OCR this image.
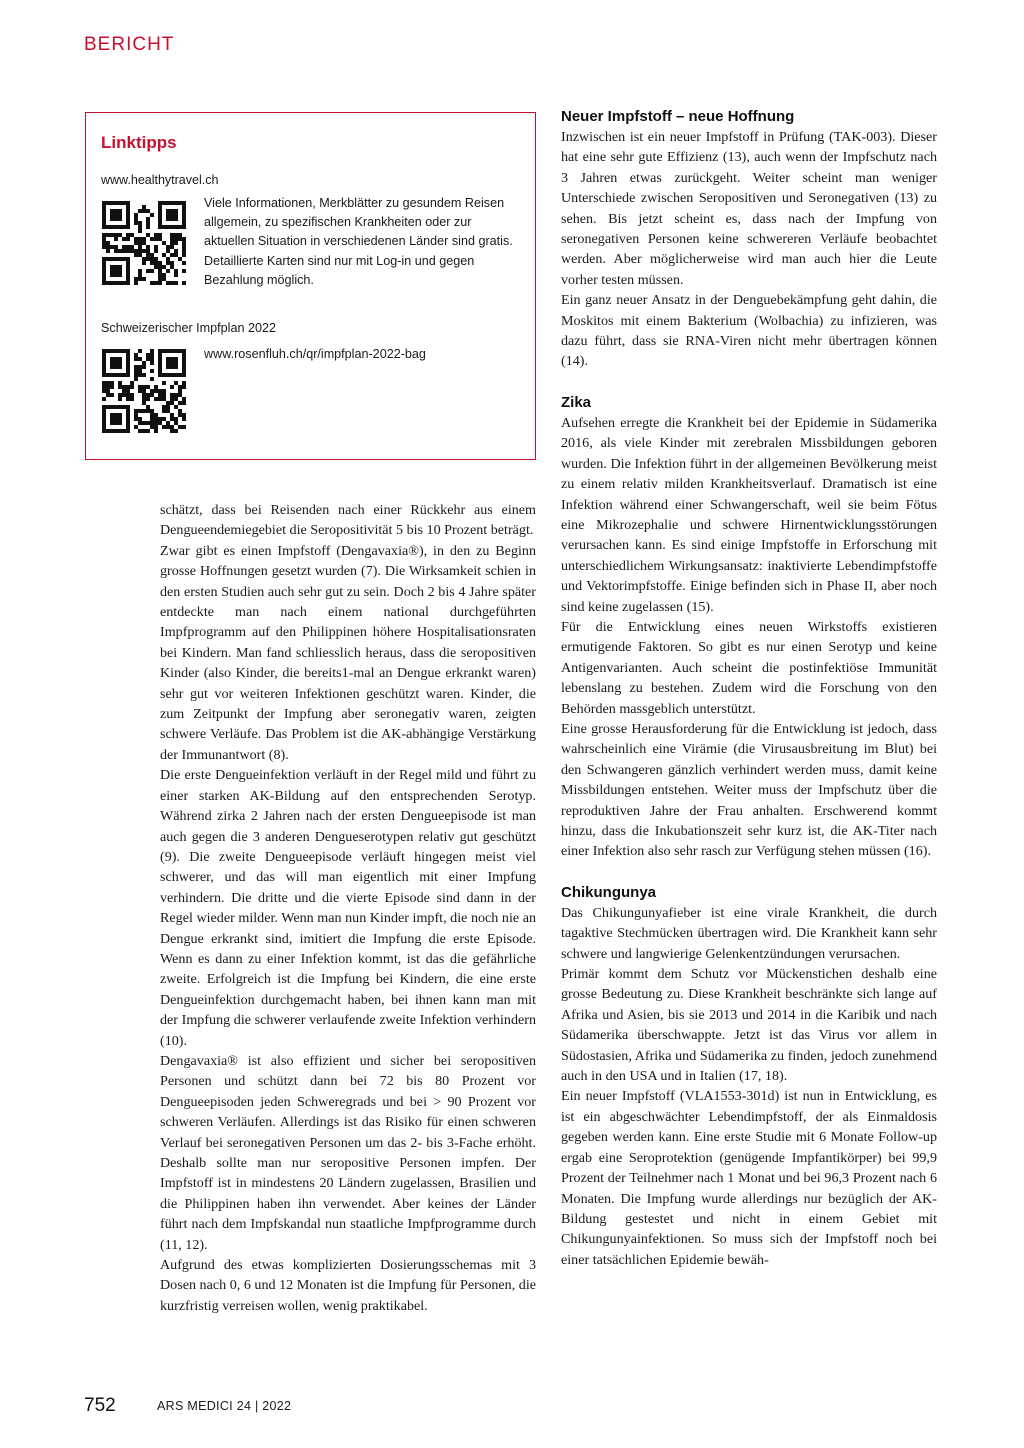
BERICHT
Linktipps
www.healthytravel.ch
Viele Informationen, Merkblätter zu gesundem Reisen allgemein, zu spezifischen Krankheiten oder zur aktuellen Situation in verschiedenen Länder sind gratis. Detaillierte Karten sind nur mit Log-in und gegen Bezahlung möglich.
Schweizerischer Impfplan 2022
www.rosenfluh.ch/qr/impfplan-2022-bag

schätzt, dass bei Reisenden nach einer Rückkehr aus einem Dengueendemiegebiet die Seropositivität 5 bis 10 Prozent beträgt.

Zwar gibt es einen Impfstoff (Dengavaxia®), in den zu Beginn grosse Hoffnungen gesetzt wurden (7). Die Wirksamkeit schien in den ersten Studien auch sehr gut zu sein. Doch 2 bis 4 Jahre später entdeckte man nach einem national durchgeführten Impfprogramm auf den Philippinen höhere Hospitalisationsraten bei Kindern. Man fand schliesslich heraus, dass die seropositiven Kinder (also Kinder, die bereits1-mal an Dengue erkrankt waren) sehr gut vor weiteren Infektionen geschützt waren. Kinder, die zum Zeitpunkt der Impfung aber seronegativ waren, zeigten schwere Verläufe. Das Problem ist die AK-abhängige Verstärkung der Immunantwort (8).

Die erste Dengueinfektion verläuft in der Regel mild und führt zu einer starken AK-Bildung auf den entsprechenden Serotyp. Während zirka 2 Jahren nach der ersten Dengueepisode ist man auch gegen die 3 anderen Dengueserotypen relativ gut geschützt (9). Die zweite Dengueepisode verläuft hingegen meist viel schwerer, und das will man eigentlich mit einer Impfung verhindern. Die dritte und die vierte Episode sind dann in der Regel wieder milder. Wenn man nun Kinder impft, die noch nie an Dengue erkrankt sind, imitiert die Impfung die erste Episode. Wenn es dann zu einer Infektion kommt, ist das die gefährliche zweite. Erfolgreich ist die Impfung bei Kindern, die eine erste Dengueinfektion durchgemacht haben, bei ihnen kann man mit der Impfung die schwerer verlaufende zweite Infektion verhindern (10).

Dengavaxia® ist also effizient und sicher bei seropositiven Personen und schützt dann bei 72 bis 80 Prozent vor Dengueepisoden jeden Schweregrads und bei > 90 Prozent vor schweren Verläufen. Allerdings ist das Risiko für einen schweren Verlauf bei seronegativen Personen um das 2- bis 3-Fache erhöht. Deshalb sollte man nur seropositive Personen impfen. Der Impfstoff ist in mindestens 20 Ländern zugelassen, Brasilien und die Philippinen haben ihn verwendet. Aber keines der Länder führt nach dem Impfskandal nun staatliche Impfprogramme durch (11, 12).

Aufgrund des etwas komplizierten Dosierungsschemas mit 3 Dosen nach 0, 6 und 12 Monaten ist die Impfung für Personen, die kurzfristig verreisen wollen, wenig praktikabel.

Neuer Impfstoff – neue Hoffnung

Inzwischen ist ein neuer Impfstoff in Prüfung (TAK-003). Dieser hat eine sehr gute Effizienz (13), auch wenn der Impfschutz nach 3 Jahren etwas zurückgeht. Weiter scheint man weniger Unterschiede zwischen Seropositiven und Seronegativen (13) zu sehen. Bis jetzt scheint es, dass nach der Impfung von seronegativen Personen keine schwereren Verläufe beobachtet werden. Aber möglicherweise wird man auch hier die Leute vorher testen müssen.

Ein ganz neuer Ansatz in der Denguebekämpfung geht dahin, die Moskitos mit einem Bakterium (Wolbachia) zu infizieren, was dazu führt, dass sie RNA-Viren nicht mehr übertragen können (14).

Zika

Aufsehen erregte die Krankheit bei der Epidemie in Südamerika 2016, als viele Kinder mit zerebralen Missbildungen geboren wurden. Die Infektion führt in der allgemeinen Bevölkerung meist zu einem relativ milden Krankheitsverlauf. Dramatisch ist eine Infektion während einer Schwangerschaft, weil sie beim Fötus eine Mikrozephalie und schwere Hirnentwicklungsstörungen verursachen kann. Es sind einige Impfstoffe in Erforschung mit unterschiedlichem Wirkungsansatz: inaktivierte Lebendimpfstoffe und Vektorimpfstoffe. Einige befinden sich in Phase II, aber noch sind keine zugelassen (15).

Für die Entwicklung eines neuen Wirkstoffs existieren ermutigende Faktoren. So gibt es nur einen Serotyp und keine Antigenvarianten. Auch scheint die postinfektiöse Immunität lebenslang zu bestehen. Zudem wird die Forschung von den Behörden massgeblich unterstützt.

Eine grosse Herausforderung für die Entwicklung ist jedoch, dass wahrscheinlich eine Virämie (die Virusausbreitung im Blut) bei den Schwangeren gänzlich verhindert werden muss, damit keine Missbildungen entstehen. Weiter muss der Impfschutz über die reproduktiven Jahre der Frau anhalten. Erschwerend kommt hinzu, dass die Inkubationszeit sehr kurz ist, die AK-Titer nach einer Infektion also sehr rasch zur Verfügung stehen müssen (16).

Chikungunya

Das Chikungunyafieber ist eine virale Krankheit, die durch tagaktive Stechmücken übertragen wird. Die Krankheit kann sehr schwere und langwierige Gelenkentzündungen verursachen.

Primär kommt dem Schutz vor Mückenstichen deshalb eine grosse Bedeutung zu. Diese Krankheit beschränkte sich lange auf Afrika und Asien, bis sie 2013 und 2014 in die Karibik und nach Südamerika überschwappte. Jetzt ist das Virus vor allem in Südostasien, Afrika und Südamerika zu finden, jedoch zunehmend auch in den USA und in Italien (17, 18).

Ein neuer Impfstoff (VLA1553-301d) ist nun in Entwicklung, es ist ein abgeschwächter Lebendimpfstoff, der als Einmaldosis gegeben werden kann. Eine erste Studie mit 6 Monate Follow-up ergab eine Seroprotektion (genügende Impfantikörper) bei 99,9 Prozent der Teilnehmer nach 1 Monat und bei 96,3 Prozent nach 6 Monaten. Die Impfung wurde allerdings nur bezüglich der AK-Bildung gestestet und nicht in einem Gebiet mit Chikungunyainfektionen. So muss sich der Impfstoff noch bei einer tatsächlichen Epidemie bewäh-

752	ARS MEDICI 24 | 2022
